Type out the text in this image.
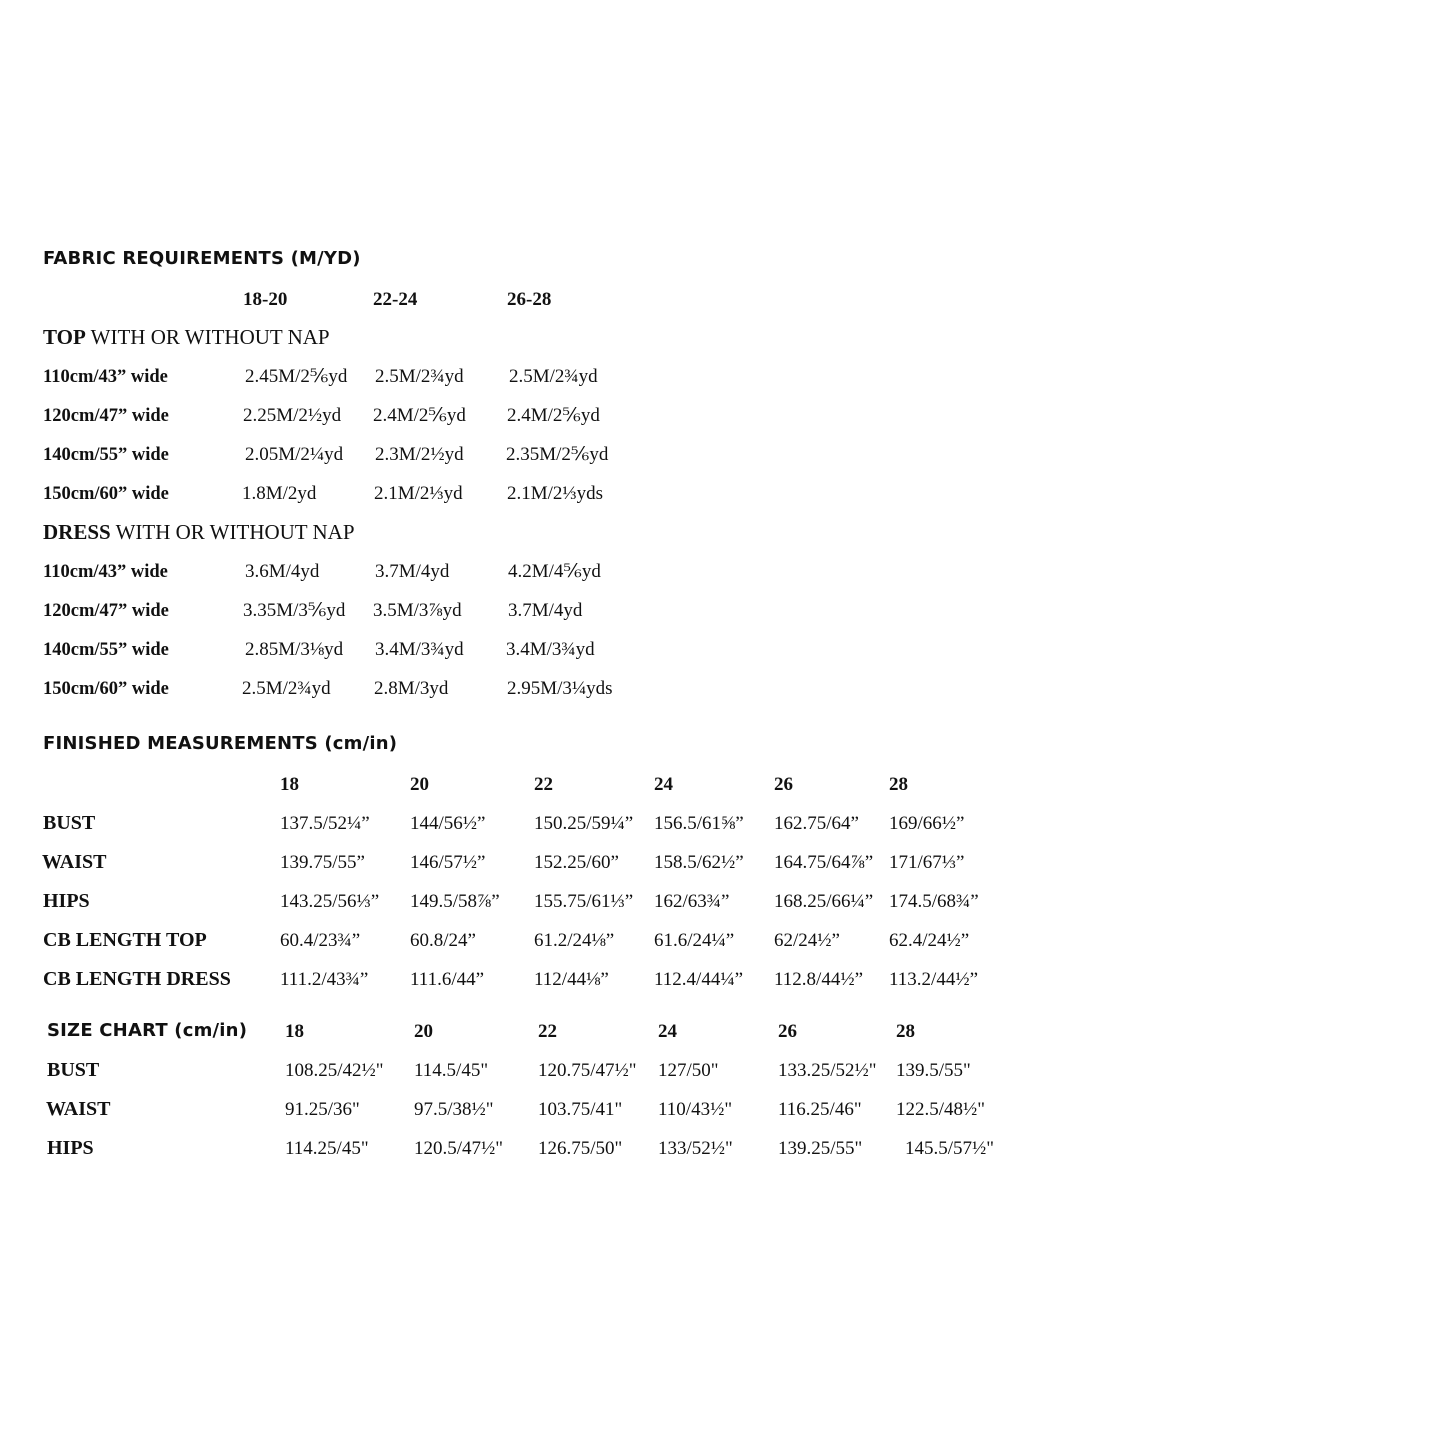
FABRIC REQUIREMENTS (M/YD)
18-20	22-24	26-28
TOP WITH OR WITHOUT NAP
110cm/43” wide	2.45M/2⅚yd 2.5M/2¾yd 2.5M/2¾yd
120cm/47” wide	2.25M/2½yd 2.4M/2⅚yd 2.4M/2⅚yd
140cm/55” wide	2.05M/2¼yd 2.3M/2½yd 2.35M/2⅚yd
150cm/60” wide	1.8M/2yd	2.1M/2⅓yd 2.1M/2⅓yds
DRESS WITH OR WITHOUT NAP
110cm/43” wide	3.6M/4yd	3.7M/4yd	4.2M/4⅚yd
120cm/47” wide	3.35M/3⅚yd 3.5M/3⅞yd 3.7M/4yd
140cm/55” wide	2.85M/3⅛yd 3.4M/3¾yd 3.4M/3¾yd
150cm/60” wide	2.5M/2¾yd 2.8M/3yd	2.95M/3¼yds
FINISHED MEASUREMENTS (cm/in)
18	20	22	24	26	28
BUST	137.5/52¼” 144/56½”	150.25/59¼” 156.5/61⅝” 162.75/64” 169/66½”
WAIST	139.75/55” 146/57½”	152.25/60” 158.5/62½” 164.75/64⅞” 171/67⅓”
HIPS	143.25/56⅓” 149.5/58⅞” 155.75/61⅓” 162/63¾” 168.25/66¼” 174.5/68¾”
CB LENGTH TOP	60.4/23¾”	60.8/24”	61.2/24⅛” 61.6/24¼” 62/24½”	62.4/24½”
CB LENGTH DRESS	111.2/43¾” 111.6/44”	112/44⅛” 112.4/44¼” 112.8/44½” 113.2/44½”
SIZE CHART (cm/in) 18	20	22	24	26	28
BUST	108.25/42½" 114.5/45"	120.75/47½" 127/50"	133.25/52½" 139.5/55"
WAIST	91.25/36"	97.5/38½" 103.75/41" 110/43½" 116.25/46" 122.5/48½"
HIPS	114.25/45" 120.5/47½" 126.75/50" 133/52½" 139.25/55" 145.5/57½"
